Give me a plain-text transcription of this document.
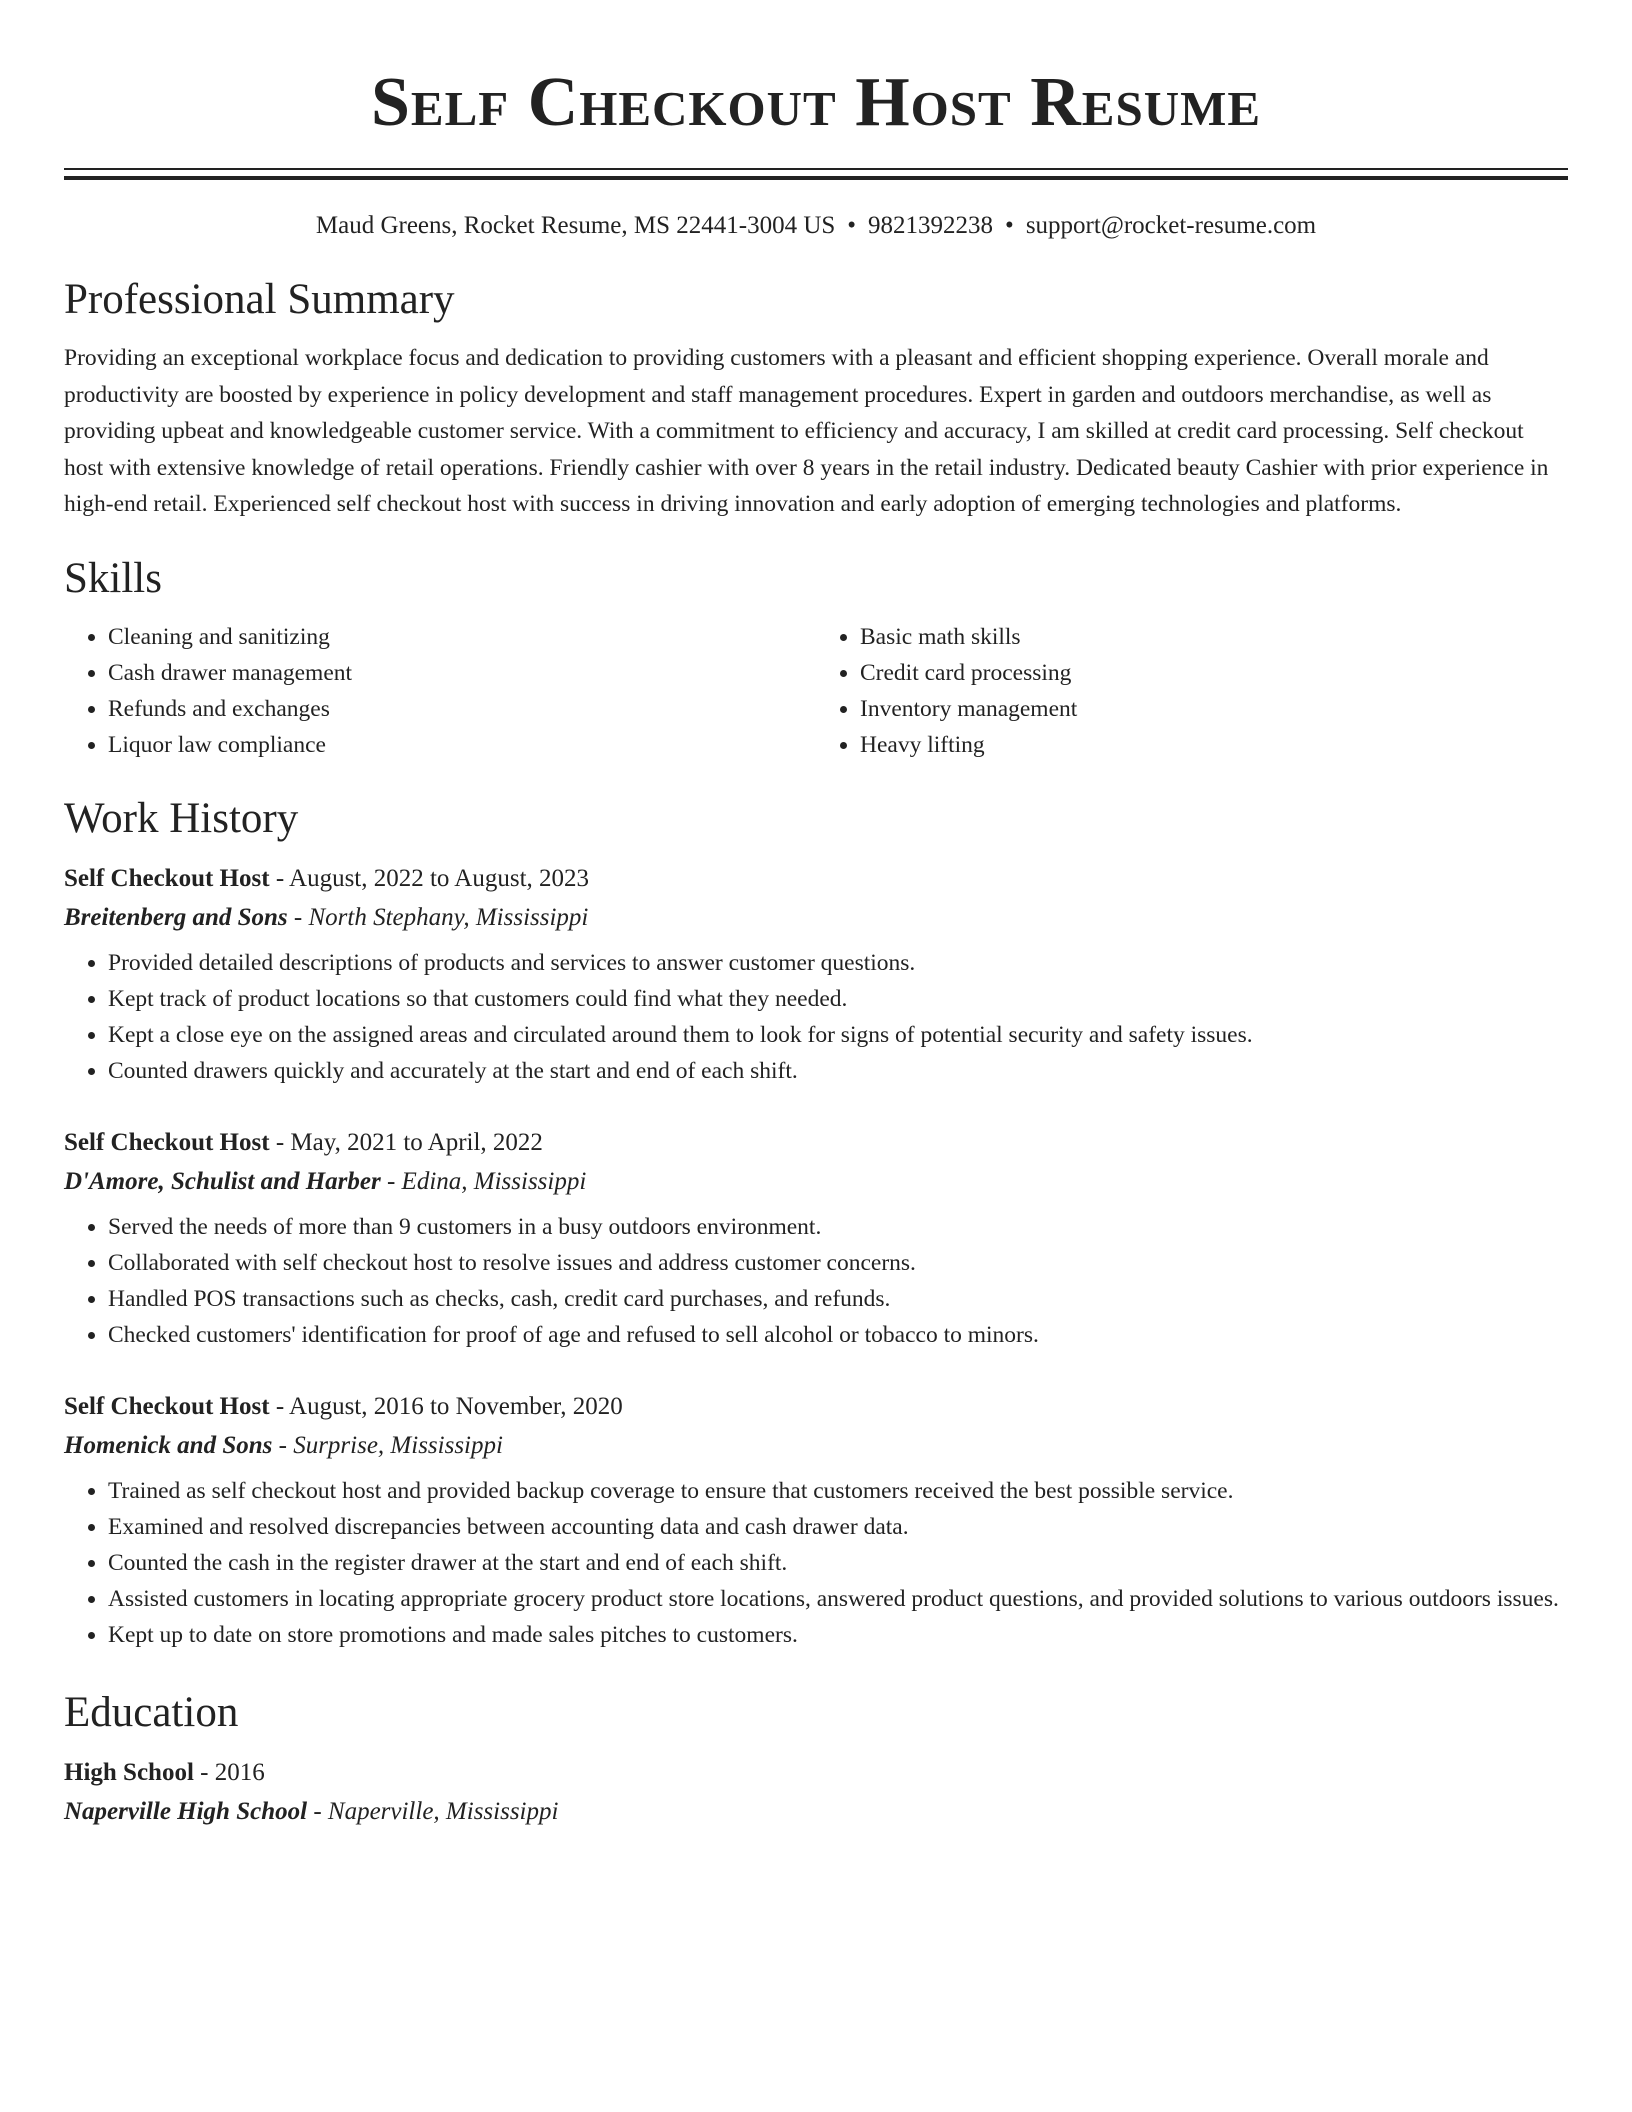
Self Checkout Host Resume
Maud Greens, Rocket Resume, MS 22441-3004 US • 9821392238 • support@rocket-resume.com
Professional Summary

Providing an exceptional workplace focus and dedication to providing customers with a pleasant and efficient shopping experience. Overall morale and productivity are boosted by experience in policy development and staff management procedures. Expert in garden and outdoors merchandise, as well as providing upbeat and knowledgeable customer service. With a commitment to efficiency and accuracy, I am skilled at credit card processing. Self checkout host with extensive knowledge of retail operations. Friendly cashier with over 8 years in the retail industry. Dedicated beauty Cashier with prior experience in high-end retail. Experienced self checkout host with success in driving innovation and early adoption of emerging technologies and platforms.

Skills
• Cleaning and sanitizing
• Cash drawer management
• Refunds and exchanges
• Liquor law compliance
• Basic math skills
• Credit card processing
• Inventory management
• Heavy lifting
Work History
Self Checkout Host - August, 2022 to August, 2023
Breitenberg and Sons - North Stephany, Mississippi
• Provided detailed descriptions of products and services to answer customer questions.
• Kept track of product locations so that customers could find what they needed.
• Kept a close eye on the assigned areas and circulated around them to look for signs of potential security and safety issues.
• Counted drawers quickly and accurately at the start and end of each shift.
Self Checkout Host - May, 2021 to April, 2022
D'Amore, Schulist and Harber - Edina, Mississippi
• Served the needs of more than 9 customers in a busy outdoors environment.
• Collaborated with self checkout host to resolve issues and address customer concerns.
• Handled POS transactions such as checks, cash, credit card purchases, and refunds.
• Checked customers' identification for proof of age and refused to sell alcohol or tobacco to minors.
Self Checkout Host - August, 2016 to November, 2020
Homenick and Sons - Surprise, Mississippi
• Trained as self checkout host and provided backup coverage to ensure that customers received the best possible service.
• Examined and resolved discrepancies between accounting data and cash drawer data.
• Counted the cash in the register drawer at the start and end of each shift.
• Assisted customers in locating appropriate grocery product store locations, answered product questions, and provided solutions to various outdoors issues.
• Kept up to date on store promotions and made sales pitches to customers.
Education
High School - 2016
Naperville High School - Naperville, Mississippi
